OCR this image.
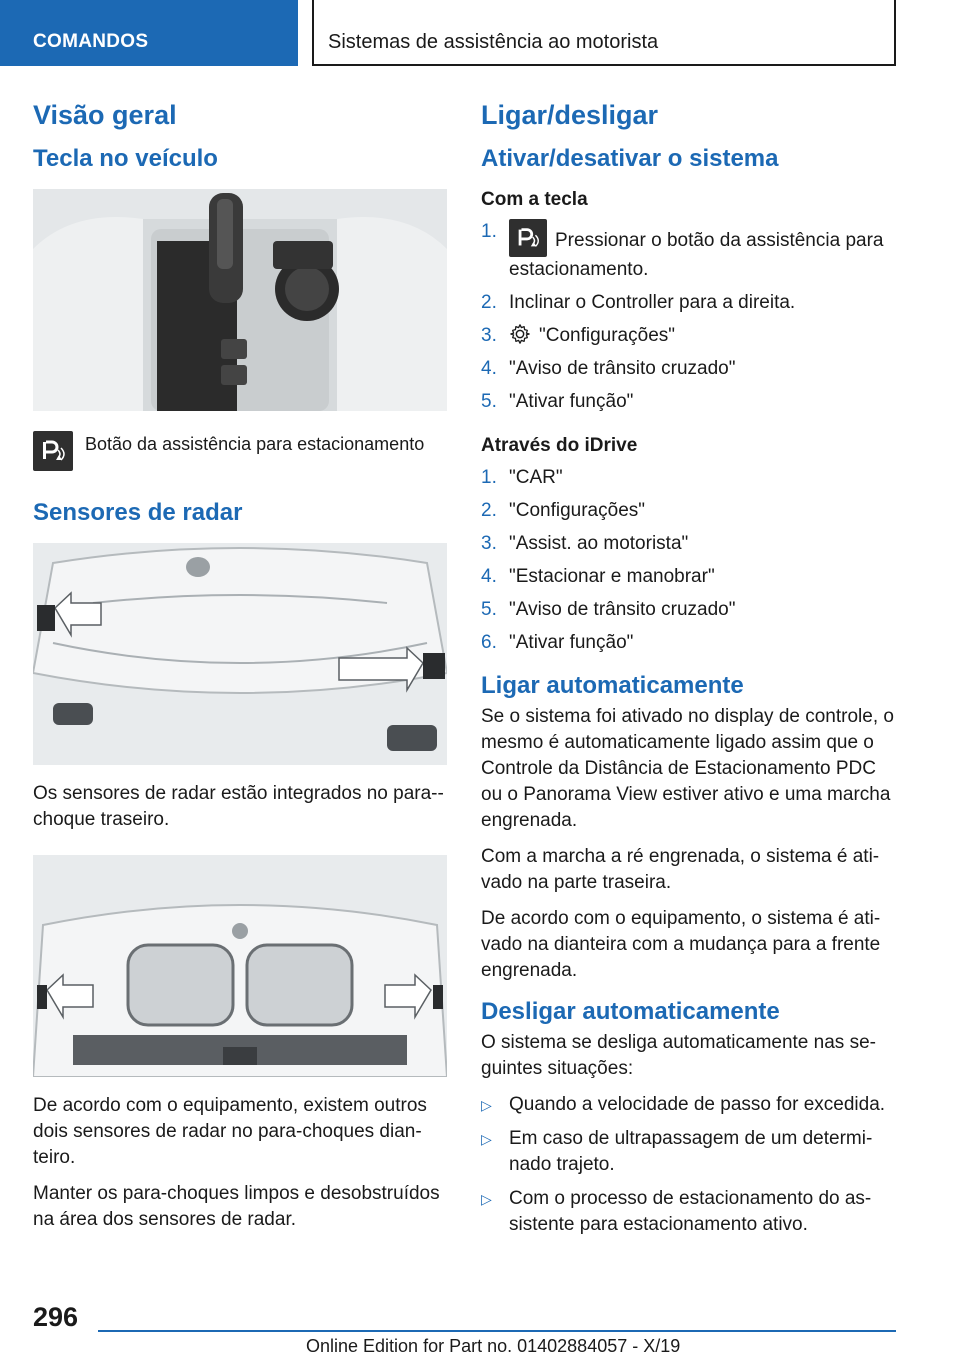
COMANDOS	Sistemas de assistência ao motorista
Visão geral
Tecla no veículo
Botão da assistência para estacionamento
Sensores de radar

Os sensores de radar estão integrados no para--choque traseiro.

De acordo com o equipamento, existem outros dois sensores de radar no para-choques dian-teiro.

Manter os para-choques limpos e desobstruídos na área dos sensores de radar.

Ligar/desligar
Ativar/desativar o sistema
Com a tecla
1.	Pressionar o botão da assistência para estacionamento.
2. Inclinar o Controller para a direita.
3.	"Configurações"
4. "Aviso de trânsito cruzado"
5. "Ativar função"
Através do iDrive
1. "CAR"
2. "Configurações"
3. "Assist. ao motorista"
4. "Estacionar e manobrar"
5. "Aviso de trânsito cruzado"
6. "Ativar função"
Ligar automaticamente

Se o sistema foi ativado no display de controle, o mesmo é automaticamente ligado assim que o Controle da Distância de Estacionamento PDC ou o Panorama View estiver ativo e uma marcha engrenada.

Com a marcha a ré engrenada, o sistema é ati-vado na parte traseira.

De acordo com o equipamento, o sistema é ati-vado na dianteira com a mudança para a frente engrenada.

Desligar automaticamente

O sistema se desliga automaticamente nas se-guintes situações:

▷ Quando a velocidade de passo for excedida.
▷ Em caso de ultrapassagem de um determi-nado trajeto.
▷ Com o processo de estacionamento do as-sistente para estacionamento ativo.
296
Online Edition for Part no. 01402884057 - X/19
